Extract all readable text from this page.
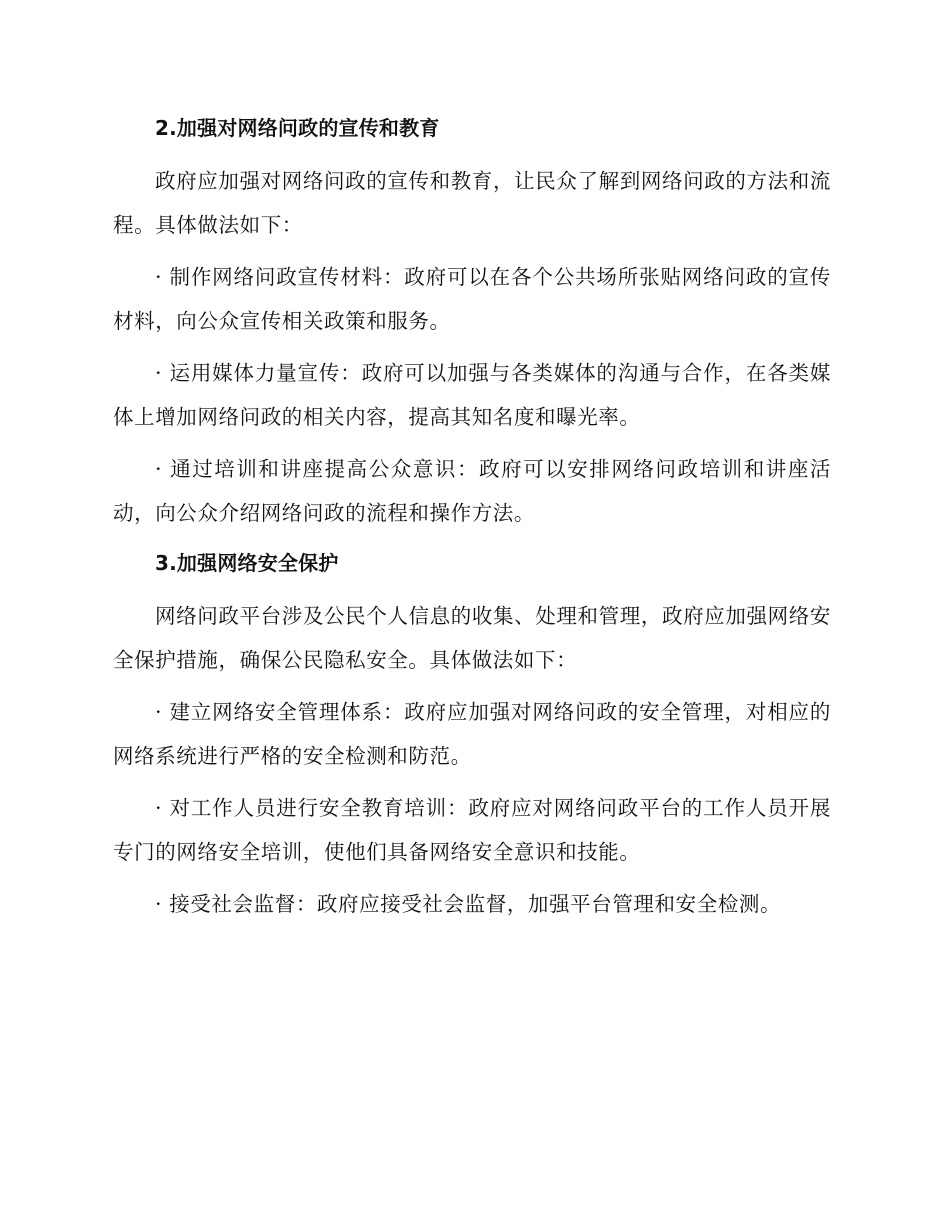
2.加强对网络问政的宣传和教育

政府应加强对网络问政的宣传和教育，让民众了解到网络问政的方法和流程。具体做法如下：

· 制作网络问政宣传材料：政府可以在各个公共场所张贴网络问政的宣传材料，向公众宣传相关政策和服务。

· 运用媒体力量宣传：政府可以加强与各类媒体的沟通与合作，在各类媒体上增加网络问政的相关内容，提高其知名度和曝光率。

· 通过培训和讲座提高公众意识：政府可以安排网络问政培训和讲座活动，向公众介绍网络问政的流程和操作方法。

3.加强网络安全保护

网络问政平台涉及公民个人信息的收集、处理和管理，政府应加强网络安全保护措施，确保公民隐私安全。具体做法如下：

· 建立网络安全管理体系：政府应加强对网络问政的安全管理，对相应的网络系统进行严格的安全检测和防范。

· 对工作人员进行安全教育培训：政府应对网络问政平台的工作人员开展专门的网络安全培训，使他们具备网络安全意识和技能。

· 接受社会监督：政府应接受社会监督，加强平台管理和安全检测。
